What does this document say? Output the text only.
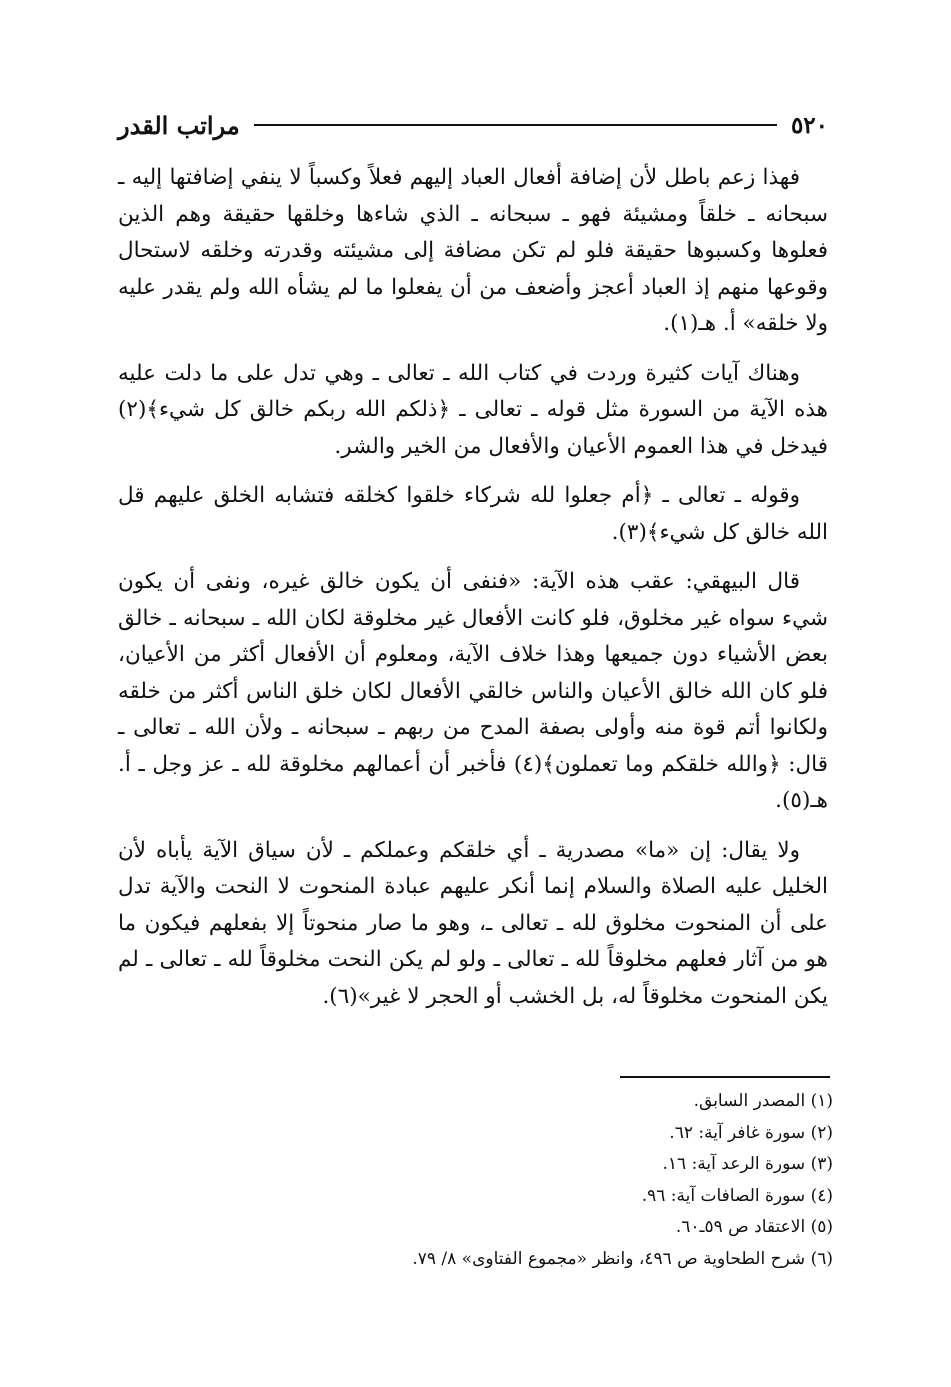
٥٢٠
مراتب القدر

فهذا زعم باطل لأن إضافة أفعال العباد إليهم فعلاً وكسباً لا ينفي إضافتها إليه ـ سبحانه ـ خلقاً ومشيئة فهو ـ سبحانه ـ الذي شاءها وخلقها حقيقة وهم الذين فعلوها وكسبوها حقيقة فلو لم تكن مضافة إلى مشيئته وقدرته وخلقه لاستحال وقوعها منهم إذ العباد أعجز وأضعف من أن يفعلوا ما لم يشأه الله ولم يقدر عليه ولا خلقه» أ. هـ(١).

وهناك آيات كثيرة وردت في كتاب الله ـ تعالى ـ وهي تدل على ما دلت عليه هذه الآية من السورة مثل قوله ـ تعالى ـ ﴿ذلكم الله ربكم خالق كل شيء﴾(٢) فيدخل في هذا العموم الأعيان والأفعال من الخير والشر.

وقوله ـ تعالى ـ ﴿أم جعلوا لله شركاء خلقوا كخلقه فتشابه الخلق عليهم قل الله خالق كل شيء﴾(٣).

قال البيهقي: عقب هذه الآية: «فنفى أن يكون خالق غيره، ونفى أن يكون شيء سواه غير مخلوق، فلو كانت الأفعال غير مخلوقة لكان الله ـ سبحانه ـ خالق بعض الأشياء دون جميعها وهذا خلاف الآية، ومعلوم أن الأفعال أكثر من الأعيان، فلو كان الله خالق الأعيان والناس خالقي الأفعال لكان خلق الناس أكثر من خلقه ولكانوا أتم قوة منه وأولى بصفة المدح من ربهم ـ سبحانه ـ ولأن الله ـ تعالى ـ قال: ﴿والله خلقكم وما تعملون﴾(٤) فأخبر أن أعمالهم مخلوقة لله ـ عز وجل ـ أ. هـ(٥).

ولا يقال: إن «ما» مصدرية ـ أي خلقكم وعملكم ـ لأن سياق الآية يأباه لأن الخليل عليه الصلاة والسلام إنما أنكر عليهم عبادة المنحوت لا النحت والآية تدل على أن المنحوت مخلوق لله ـ تعالى ـ، وهو ما صار منحوتاً إلا بفعلهم فيكون ما هو من آثار فعلهم مخلوقاً لله ـ تعالى ـ ولو لم يكن النحت مخلوقاً لله ـ تعالى ـ لم يكن المنحوت مخلوقاً له، بل الخشب أو الحجر لا غير»(٦).

(١) المصدر السابق.
(٢) سورة غافر آية: ٦٢.
(٣) سورة الرعد آية: ١٦.
(٤) سورة الصافات آية: ٩٦.
(٥) الاعتقاد ص ٥٩ـ٦٠.
(٦) شرح الطحاوية ص ٤٩٦، وانظر «مجموع الفتاوى» ٨/ ٧٩.
